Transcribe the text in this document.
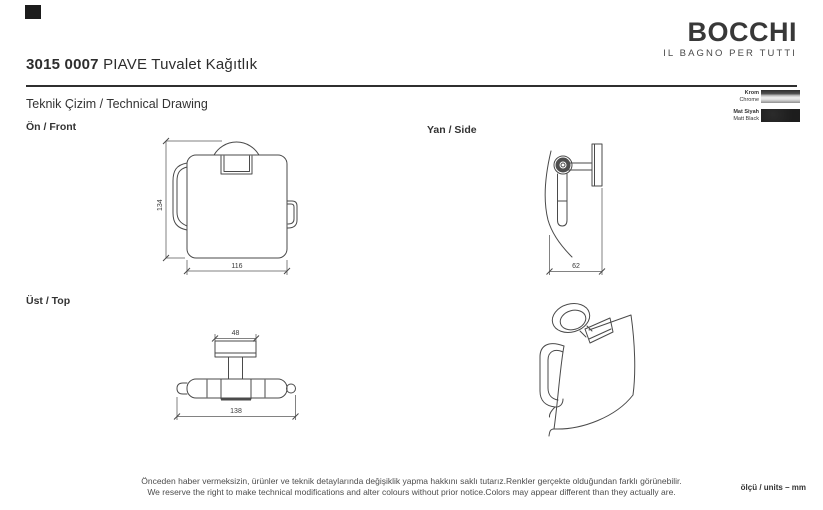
3015 0007 PIAVE Tuvalet Kağıtlık
BOCCHI
IL BAGNO PER TUTTI
Krom
Chrome
Mat Siyah
Matt Black
Teknik Çizim / Technical Drawing
Ön / Front	Yan / Side
Üst / Top
134
116	62
48
138
Önceden haber vermeksizin, ürünler ve teknik detaylarında değişiklik yapma hakkını saklı tutarız.Renkler gerçekte olduğundan farklı görünebilir.
We reserve the right to make technical modifications and alter colours without prior notice.Colors may appear different than they actually are.	ölçü / units – mm
